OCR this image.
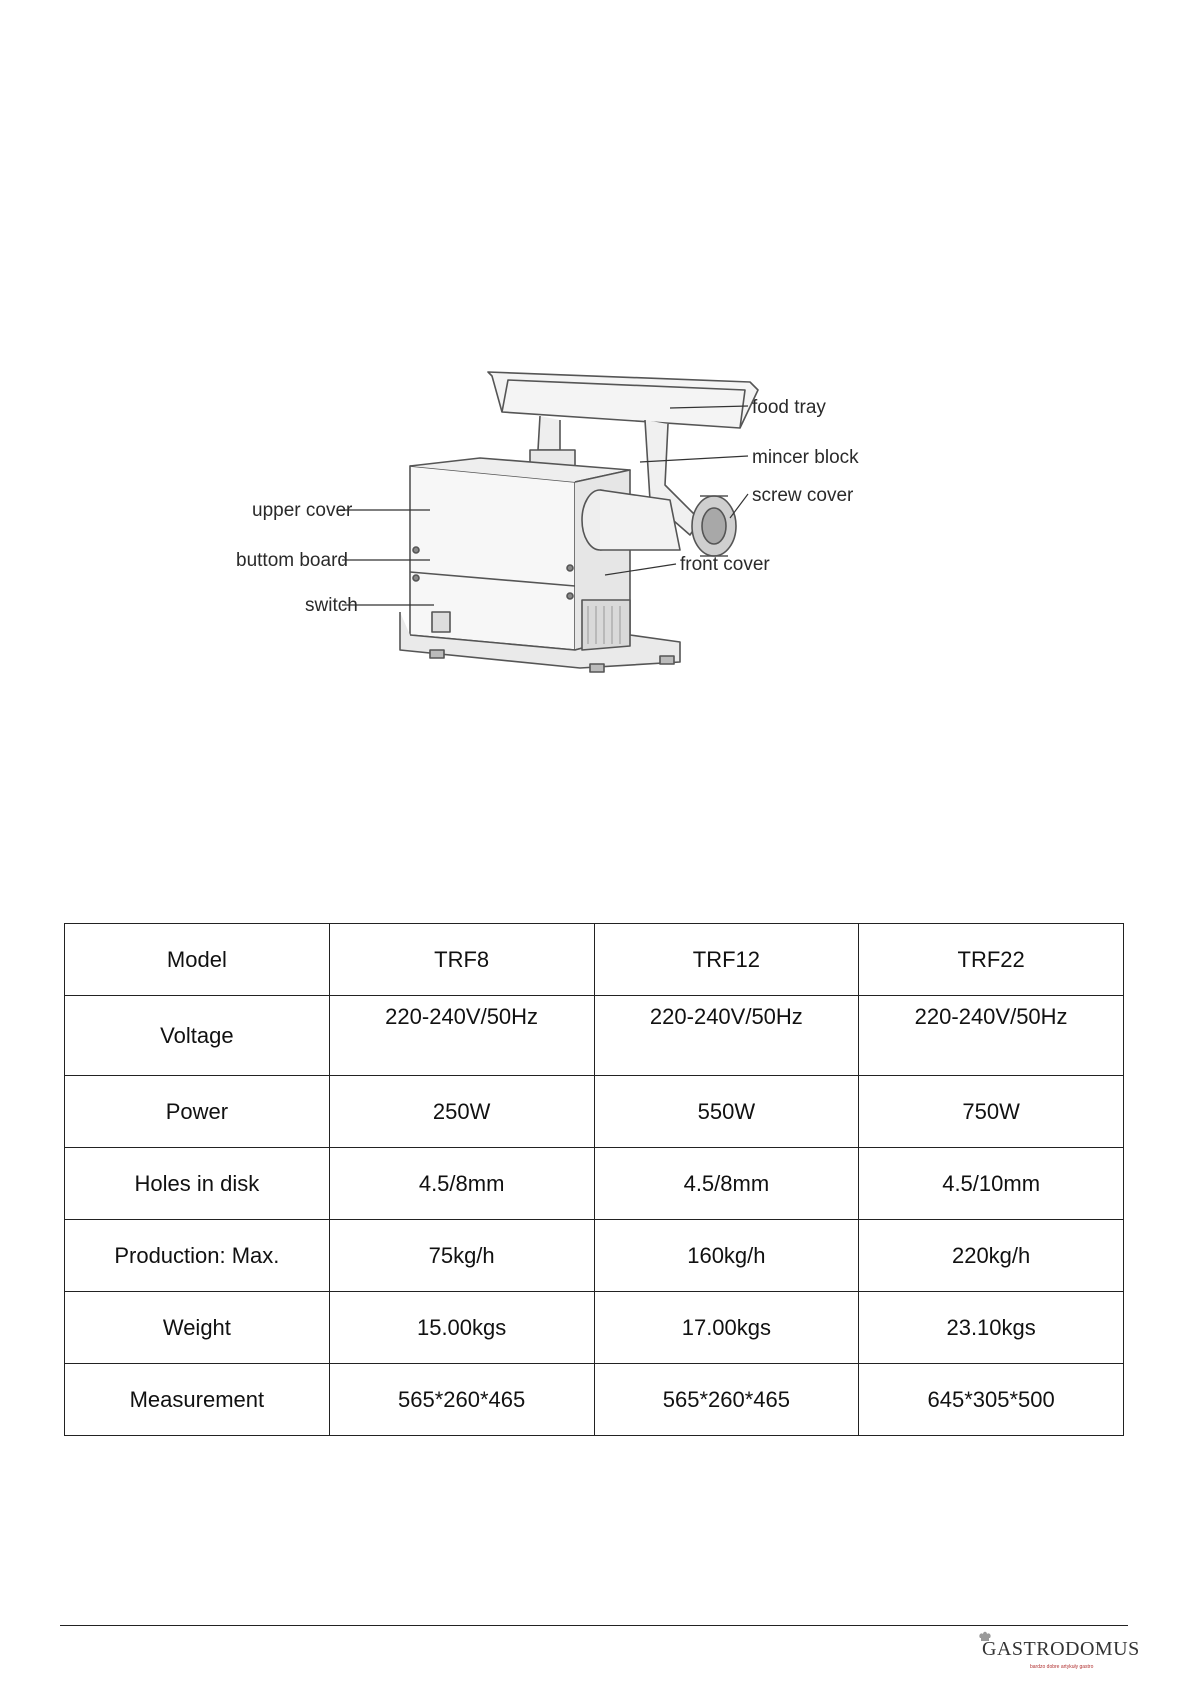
food tray
mincer block
screw cover
upper cover
buttom board
switch
front cover
Model	TRF8	TRF12	TRF22
Voltage	220-240V/50Hz	220-240V/50Hz	220-240V/50Hz
Power	250W	550W	750W
Holes in disk	4.5/8mm	4.5/8mm	4.5/10mm
Production: Max.	75kg/h	160kg/h	220kg/h
Weight	15.00kgs	17.00kgs	23.10kgs
Measurement	565*260*465	565*260*465	645*305*500
GASTRODOMUS
bardzo dobre artykuły gastro
